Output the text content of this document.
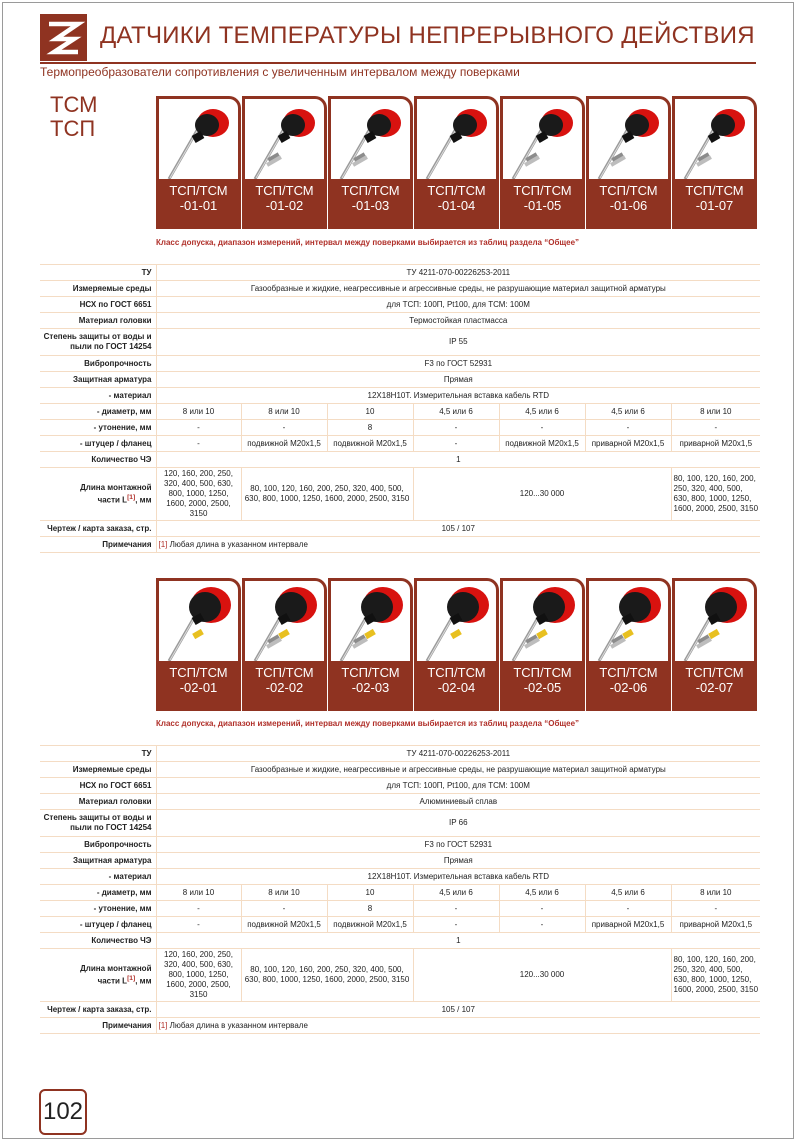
ДАТЧИКИ ТЕМПЕРАТУРЫ НЕПРЕРЫВНОГО ДЕЙСТВИЯ
Термопреобразователи сопротивления с увеличенным интервалом между поверками
ТСМ
ТСП
ТСП/ТСМ
-01-01
ТСП/ТСМ
-01-02
ТСП/ТСМ
-01-03
ТСП/ТСМ
-01-04
ТСП/ТСМ
-01-05
ТСП/ТСМ
-01-06
ТСП/ТСМ
-01-07
Класс допуска, диапазон измерений, интервал между поверками выбирается из таблиц раздела “Общее”
ТУ	ТУ 4211-070-00226253-2011						
Измеряемые среды	Газообразные и жидкие, неагрессивные и агрессивные среды, не разрушающие материал защитной арматуры						
НСХ по ГОСТ 6651	для ТСП: 100П, Pt100, для ТСМ: 100М						
Материал головки	Термостойкая пластмасса						
Степень защиты от воды и пыли по ГОСТ 14254	IP 55						
Вибропрочность	F3 по ГОСТ 52931						
Защитная арматура	Прямая						
- материал	12Х18Н10Т. Измерительная вставка кабель RTD						
- диаметр, мм	8 или 10	8 или 10	10	4,5 или 6	4,5 или 6	4,5 или 6	8 или 10
- утонение, мм	-	-	8	-	-	-	-
- штуцер / фланец	-	подвижной М20х1,5	подвижной М20х1,5	-	подвижной М20х1,5	приварной М20х1,5	приварной М20х1,5
Количество ЧЭ	1						
Длина монтажной
части L[1], мм	120, 160, 200, 250, 320, 400, 500, 630, 800, 1000, 1250, 1600, 2000, 2500, 3150	80, 100, 120, 160, 200, 250, 320, 400, 500, 630, 800, 1000, 1250, 1600, 2000, 2500, 3150		120...30 000			80, 100, 120, 160, 200, 250, 320, 400, 500, 630, 800, 1000, 1250, 1600, 2000, 2500, 3150
Чертеж / карта заказа, стр.	105 / 107						
Примечания	[1] Любая длина в указанном интервале						
ТСП/ТСМ
-02-01
ТСП/ТСМ
-02-02
ТСП/ТСМ
-02-03
ТСП/ТСМ
-02-04
ТСП/ТСМ
-02-05
ТСП/ТСМ
-02-06
ТСП/ТСМ
-02-07
Класс допуска, диапазон измерений, интервал между поверками выбирается из таблиц раздела “Общее”
ТУ	ТУ 4211-070-00226253-2011						
Измеряемые среды	Газообразные и жидкие, неагрессивные и агрессивные среды, не разрушающие материал защитной арматуры						
НСХ по ГОСТ 6651	для ТСП: 100П, Pt100, для ТСМ: 100М						
Материал головки	Алюминиевый сплав						
Степень защиты от воды и пыли по ГОСТ 14254	IP 66						
Вибропрочность	F3 по ГОСТ 52931						
Защитная арматура	Прямая						
- материал	12Х18Н10Т. Измерительная вставка кабель RTD						
- диаметр, мм	8 или 10	8 или 10	10	4,5 или 6	4,5 или 6	4,5 или 6	8 или 10
- утонение, мм	-	-	8	-	-	-	-
- штуцер / фланец	-	подвижной М20х1,5	подвижной М20х1,5	-	-	приварной М20х1,5	приварной М20х1,5
Количество ЧЭ	1						
Длина монтажной
части L[1], мм	120, 160, 200, 250, 320, 400, 500, 630, 800, 1000, 1250, 1600, 2000, 2500, 3150	80, 100, 120, 160, 200, 250, 320, 400, 500, 630, 800, 1000, 1250, 1600, 2000, 2500, 3150		120...30 000			80, 100, 120, 160, 200, 250, 320, 400, 500, 630, 800, 1000, 1250, 1600, 2000, 2500, 3150
Чертеж / карта заказа, стр.	105 / 107						
Примечания	[1] Любая длина в указанном интервале						
102
